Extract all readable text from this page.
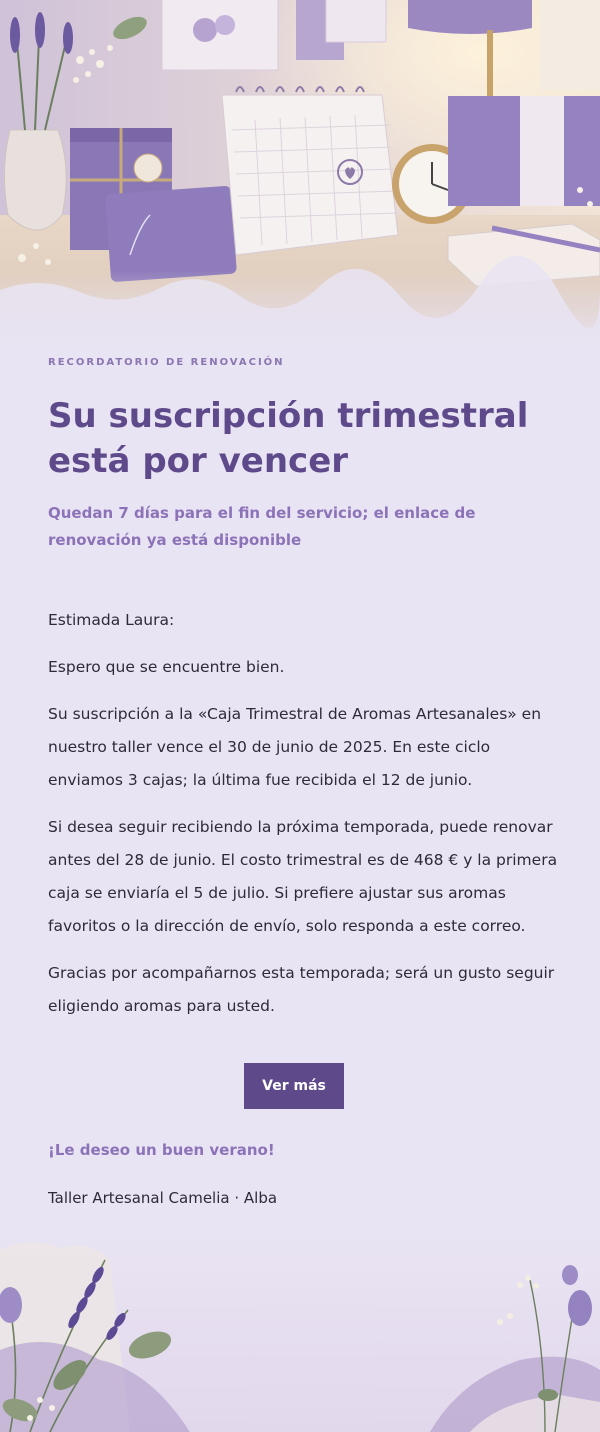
RECORDATORIO DE RENOVACIÓN

Su suscripción trimestral
está por vencer

Quedan 7 días para el fin del servicio; el enlace de renovación ya está disponible

Estimada Laura:

Espero que se encuentre bien.

Su suscripción a la «Caja Trimestral de Aromas Artesanales» en nuestro taller vence el 30 de junio de 2025. En este ciclo enviamos 3 cajas; la última fue recibida el 12 de junio.

Si desea seguir recibiendo la próxima temporada, puede renovar antes del 28 de junio. El costo trimestral es de 468 € y la primera caja se enviaría el 5 de julio. Si prefiere ajustar sus aromas favoritos o la dirección de envío, solo responda a este correo.

Gracias por acompañarnos esta temporada; será un gusto seguir eligiendo aromas para usted.

Ver más

¡Le deseo un buen verano!

Taller Artesanal Camelia · Alba
